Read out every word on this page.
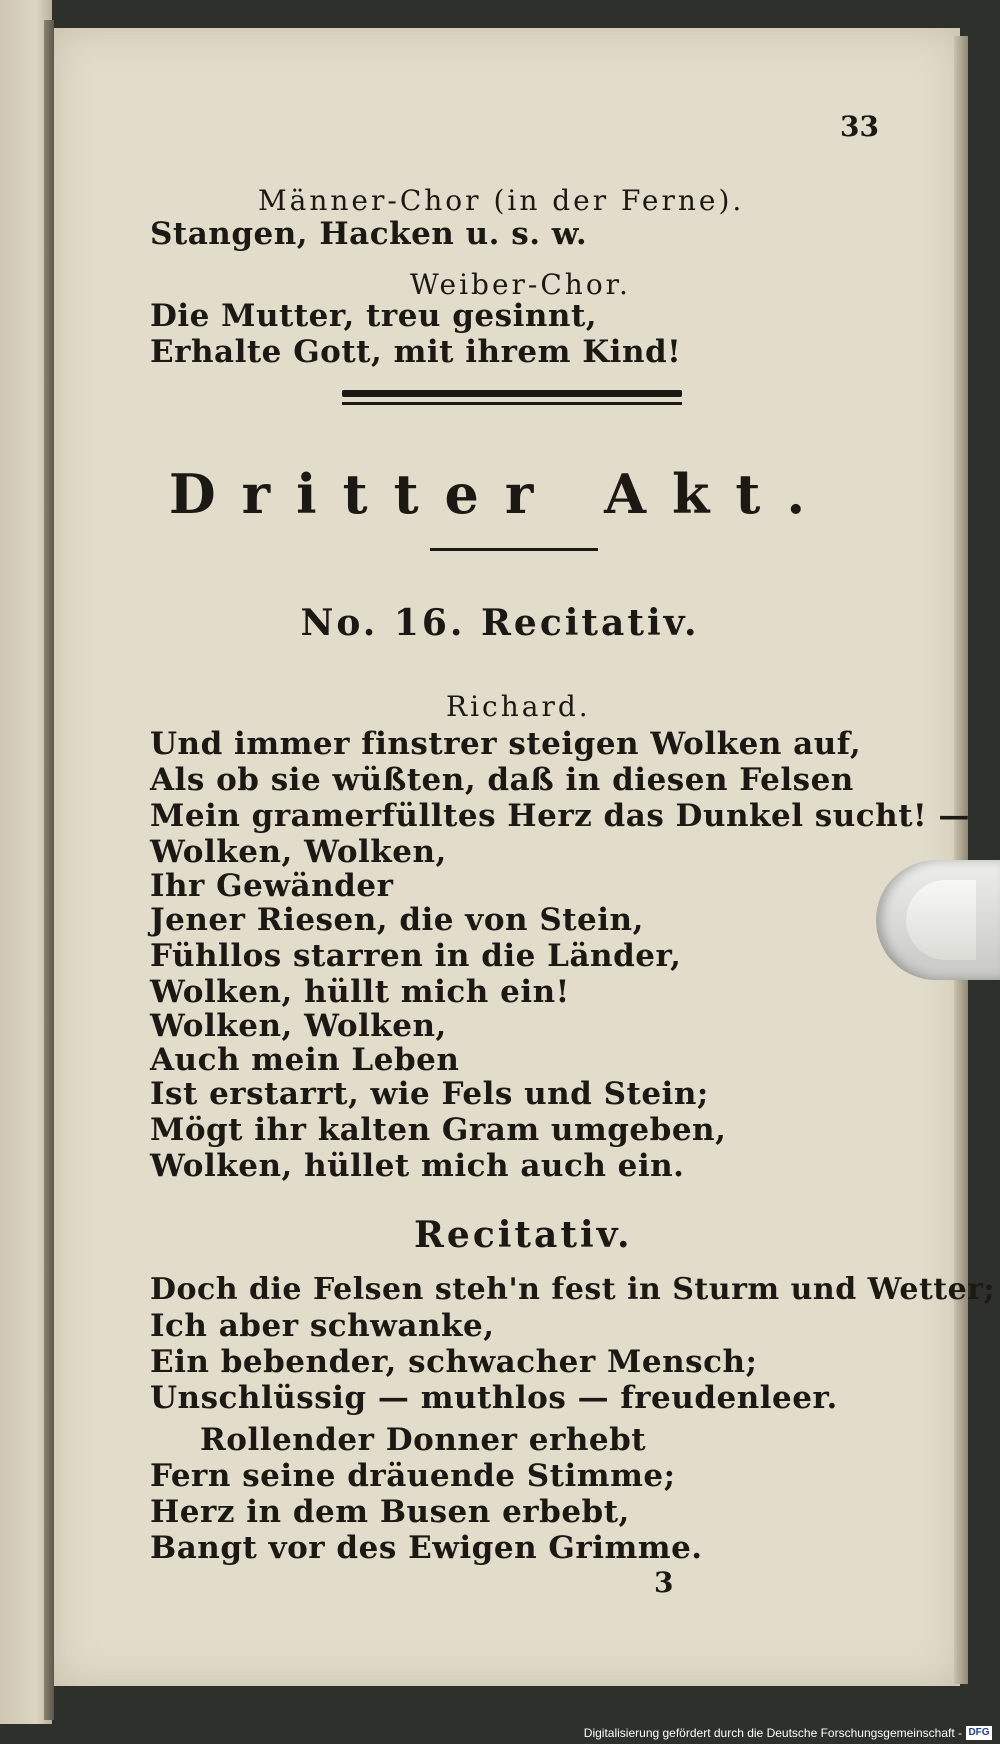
33
Männer-Chor (in der Ferne).
Stangen, Hacken u. s. w.
Weiber-Chor.
Die Mutter, treu gesinnt,
Erhalte Gott, mit ihrem Kind!
Dritter Akt.
No. 16. Recitativ.
Richard.
Und immer finstrer steigen Wolken auf,
Als ob sie wüßten, daß in diesen Felsen
Mein gramerfülltes Herz das Dunkel sucht! —
Wolken, Wolken,
Ihr Gewänder
Jener Riesen, die von Stein,
Fühllos starren in die Länder,
Wolken, hüllt mich ein!
Wolken, Wolken,
Auch mein Leben
Ist erstarrt, wie Fels und Stein;
Mögt ihr kalten Gram umgeben,
Wolken, hüllet mich auch ein.
Recitativ.
Doch die Felsen steh'n fest in Sturm und Wetter;
Ich aber schwanke,
Ein bebender, schwacher Mensch;
Unschlüssig — muthlos — freudenleer.
Rollender Donner erhebt
Fern seine dräuende Stimme;
Herz in dem Busen erbebt,
Bangt vor des Ewigen Grimme.
3
Digitalisierung gefördert durch die Deutsche Forschungsgemeinschaft - DFG
